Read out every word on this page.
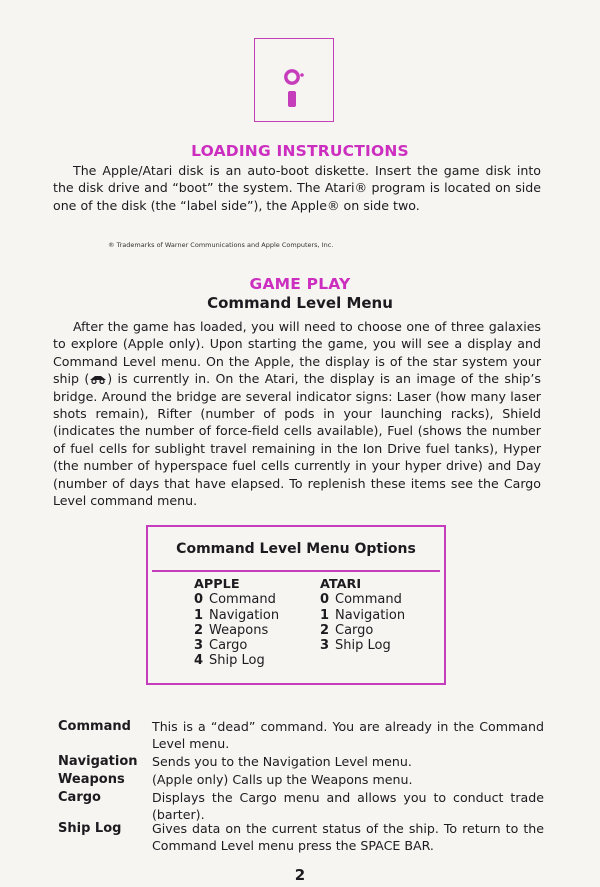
LOADING INSTRUCTIONS
The Apple/Atari disk is an auto-boot diskette. Insert the game disk into the disk drive and “boot” the system. The Atari® program is located on side one of the disk (the “label side”), the Apple® on side two.
® Trademarks of Warner Communications and Apple Computers, Inc.
GAME PLAY
Command Level Menu
After the game has loaded, you will need to choose one of three galaxies to explore (Apple only). Upon starting the game, you will see a display and Command Level menu. On the Apple, the display is of the star system your ship ( ) is currently in. On the Atari, the display is an image of the ship’s bridge. Around the bridge are several indicator signs: Laser (how many laser shots remain), Rifter (number of pods in your launching racks), Shield (indicates the number of force-field cells available), Fuel (shows the number of fuel cells for sublight travel remaining in the Ion Drive fuel tanks), Hyper (the number of hyperspace fuel cells currently in your hyper drive) and Day (number of days that have elapsed. To replenish these items see the Cargo Level command menu.
Command Level Menu Options
APPLE
0 Command
1 Navigation
2 Weapons
3 Cargo
4 Ship Log
ATARI
0 Command
1 Navigation
2 Cargo
3 Ship Log
Command This is a “dead” command. You are already in the Command Level menu.
Navigation Sends you to the Navigation Level menu.
Weapons (Apple only) Calls up the Weapons menu.
Cargo	Displays the Cargo menu and allows you to conduct trade (barter).
Ship Log Gives data on the current status of the ship. To return to the Command Level menu press the SPACE BAR.
2
